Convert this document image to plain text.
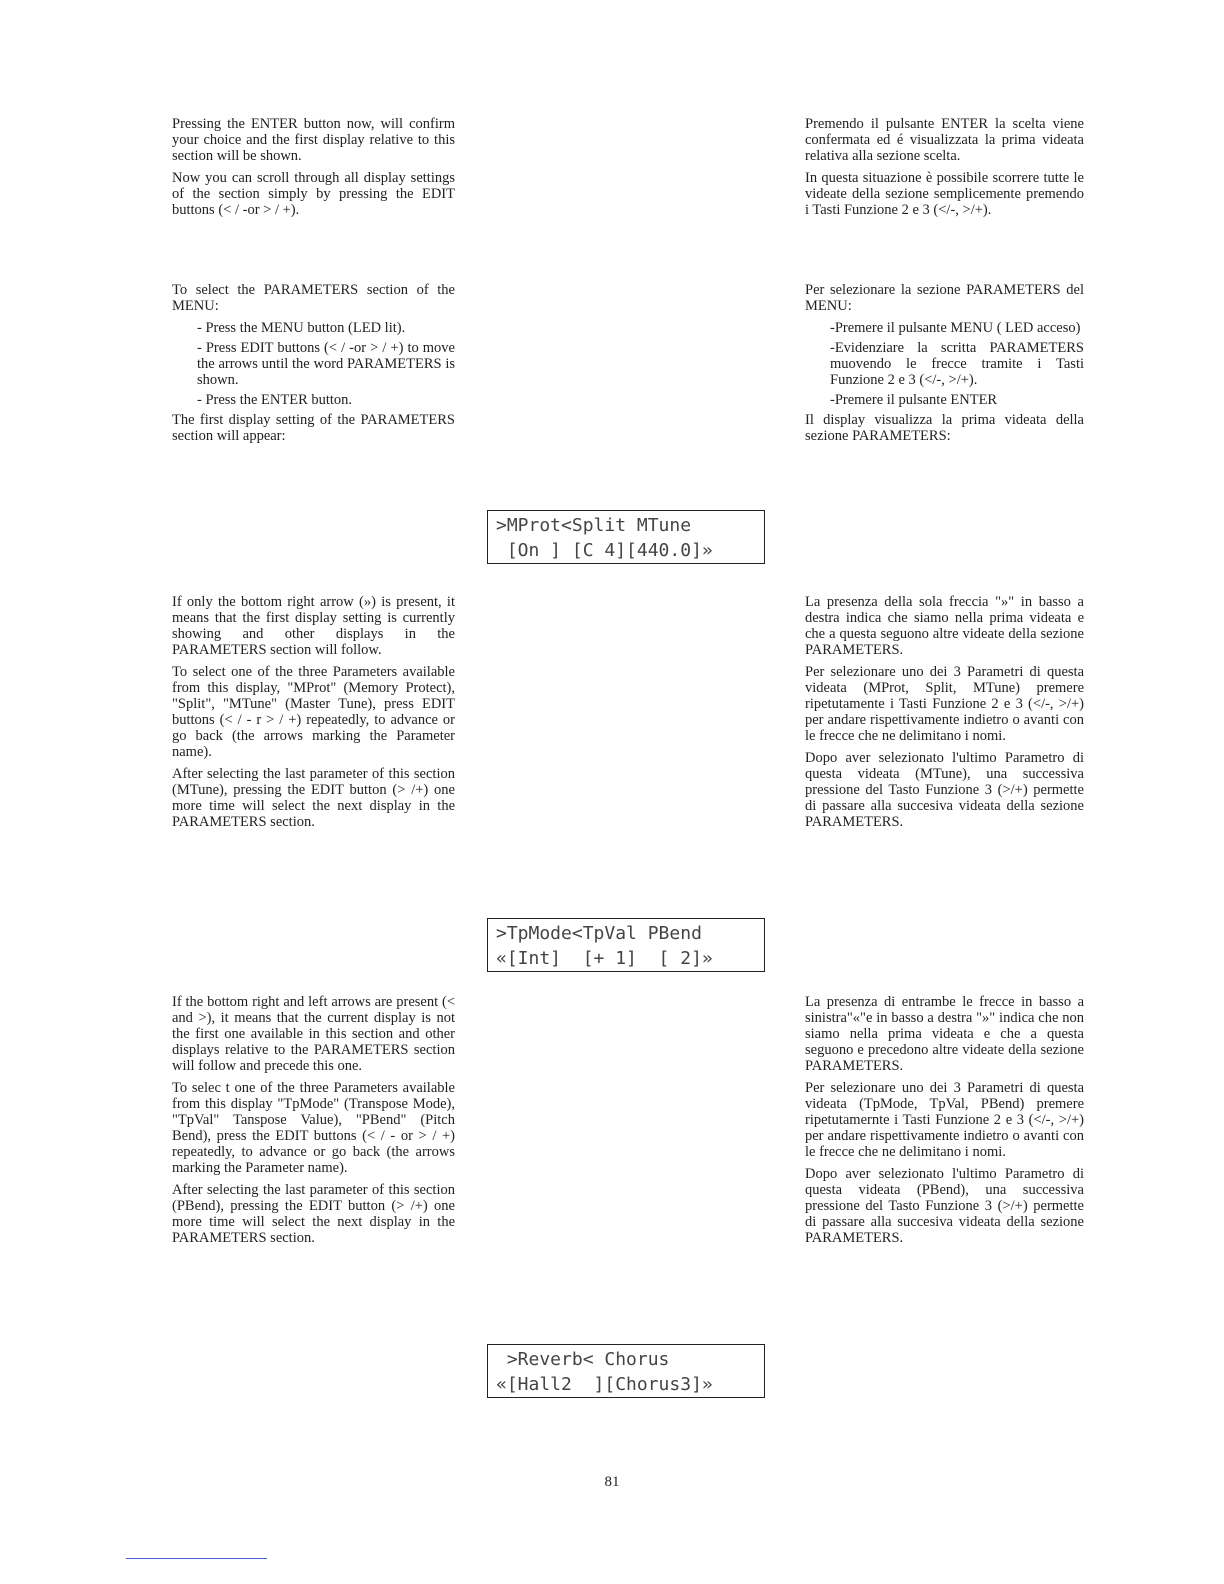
Pressing the ENTER button now, will confirm your choice and the first display relative to this section will be shown.

Now you can scroll through all display settings of the section simply by pressing the EDIT buttons (< / -or > / +).

To select the PARAMETERS section of the MENU:

- Press the MENU button (LED lit).

- Press EDIT buttons (< / -or > / +) to move the arrows until the word PARAMETERS is shown.

- Press the ENTER button.

The first display setting of the PARAMETERS section will appear:

Premendo il pulsante ENTER la scelta viene confermata ed é visualizzata la prima videata relativa alla sezione scelta.

In questa situazione è possibile scorrere tutte le videate della sezione semplicemente premendo i Tasti Funzione 2 e 3 (</-, >/+).

Per selezionare la sezione PARAMETERS del MENU:

-Premere il pulsante MENU ( LED acceso)

-Evidenziare la scritta PARAMETERS muovendo le frecce tramite i Tasti Funzione 2 e 3 (</-, >/+).

-Premere il pulsante ENTER

Il display visualizza la prima videata della sezione PARAMETERS:

>MProt<Split MTune
[On ] [C 4][440.0]»

If only the bottom right arrow (») is present, it means that the first display setting is currently showing and other displays in the PARAMETERS section will follow.

To select one of the three Parameters available from this display, "MProt" (Memory Protect), "Split", "MTune" (Master Tune), press EDIT buttons (< / - r > / +) repeatedly, to advance or go back (the arrows marking the Parameter name).

After selecting the last parameter of this section (MTune), pressing the EDIT button (> /+) one more time will select the next display in the PARAMETERS section.

La presenza della sola freccia "»" in basso a destra indica che siamo nella prima videata e che a questa seguono altre videate della sezione PARAMETERS.

Per selezionare uno dei 3 Parametri di questa videata (MProt, Split, MTune) premere ripetutamente i Tasti Funzione 2 e 3 (</-, >/+) per andare rispettivamente indietro o avanti con le frecce che ne delimitano i nomi.

Dopo aver selezionato l'ultimo Parametro di questa videata (MTune), una successiva pressione del Tasto Funzione 3 (>/+) permette di passare alla succesiva videata della sezione PARAMETERS.

>TpMode<TpVal PBend
«[Int]  [+ 1]  [ 2]»

If the bottom right and left arrows are present (< and >), it means that the current display is not the first one available in this section and other displays relative to the PARAMETERS section will follow and precede this one.

To selec t one of the three Parameters available from this display "TpMode" (Transpose Mode), "TpVal" Tanspose Value), "PBend" (Pitch Bend), press the EDIT buttons (< / - or > / +) repeatedly, to advance or go back (the arrows marking the Parameter name).

After selecting the last parameter of this section (PBend), pressing the EDIT button (> /+) one more time will select the next display in the PARAMETERS section.

La presenza di entrambe le frecce in basso a sinistra"«"e in basso a destra "»" indica che non siamo nella prima videata e che a questa seguono e precedono altre videate della sezione PARAMETERS.

Per selezionare uno dei 3 Parametri di questa videata (TpMode, TpVal, PBend) premere ripetutamernte i Tasti Funzione 2 e 3 (</-, >/+) per andare rispettivamente indietro o avanti con le frecce che ne delimitano i nomi.

Dopo aver selezionato l'ultimo Parametro di questa videata (PBend), una successiva pressione del Tasto Funzione 3 (>/+) permette di passare alla succesiva videata della sezione PARAMETERS.

>Reverb< Chorus
«[Hall2  ][Chorus3]»
81
